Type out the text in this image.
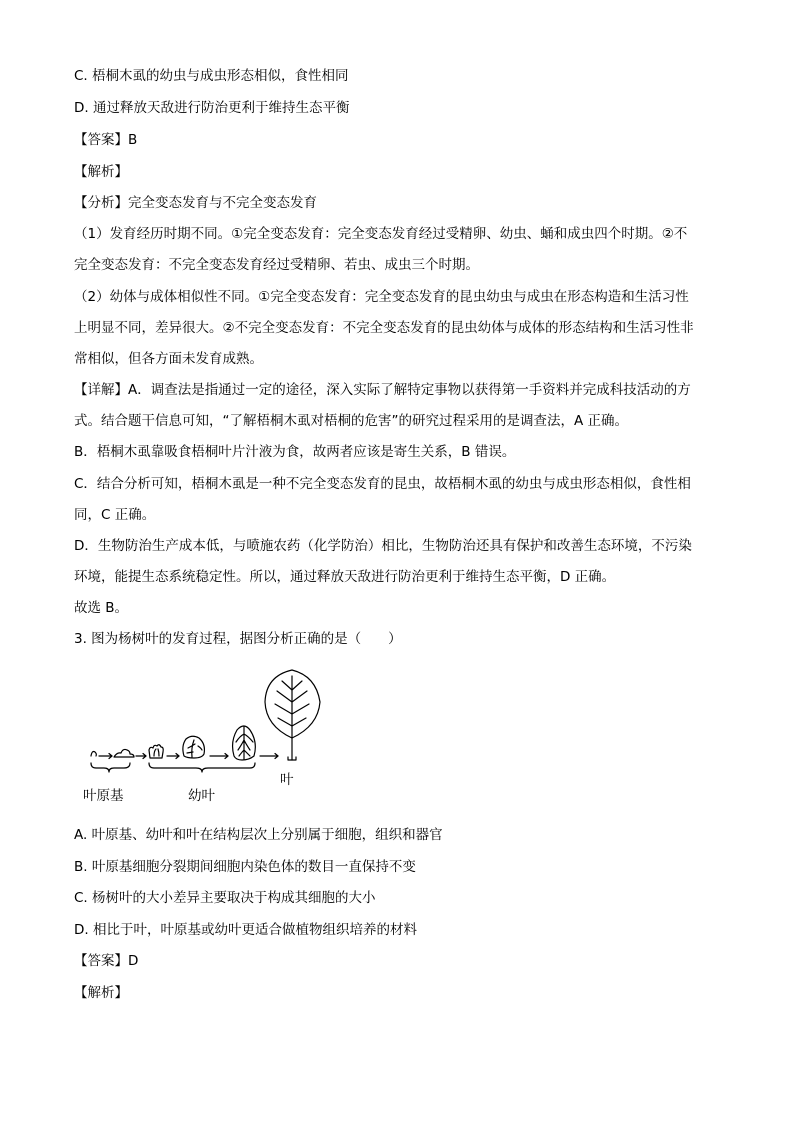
C. 梧桐木虱的幼虫与成虫形态相似，食性相同
D. 通过释放天敌进行防治更利于维持生态平衡
【答案】B
【解析】
【分析】完全变态发育与不完全变态发育
（1）发育经历时期不同。①完全变态发育：完全变态发育经过受精卵、幼虫、蛹和成虫四个时期。②不
完全变态发育：不完全变态发育经过受精卵、若虫、成虫三个时期。
（2）幼体与成体相似性不同。①完全变态发育：完全变态发育的昆虫幼虫与成虫在形态构造和生活习性
上明显不同，差异很大。②不完全变态发育：不完全变态发育的昆虫幼体与成体的形态结构和生活习性非
常相似，但各方面未发育成熟。
【详解】A．调查法是指通过一定的途径，深入实际了解特定事物以获得第一手资料并完成科技活动的方
式。结合题干信息可知，“了解梧桐木虱对梧桐的危害”的研究过程采用的是调查法，A 正确。
B．梧桐木虱靠吸食梧桐叶片汁液为食，故两者应该是寄生关系，B 错误。
C．结合分析可知，梧桐木虱是一种不完全变态发育的昆虫，故梧桐木虱的幼虫与成虫形态相似，食性相
同，C 正确。
D．生物防治生产成本低，与喷施农药（化学防治）相比，生物防治还具有保护和改善生态环境，不污染
环境，能提生态系统稳定性。所以，通过释放天敌进行防治更利于维持生态平衡，D 正确。
故选 B。
3. 图为杨树叶的发育过程，据图分析正确的是（　　）
叶原基	幼叶
叶
A. 叶原基、幼叶和叶在结构层次上分别属于细胞，组织和器官
B. 叶原基细胞分裂期间细胞内染色体的数目一直保持不变
C. 杨树叶的大小差异主要取决于构成其细胞的大小
D. 相比于叶，叶原基或幼叶更适合做植物组织培养的材料
【答案】D
【解析】
